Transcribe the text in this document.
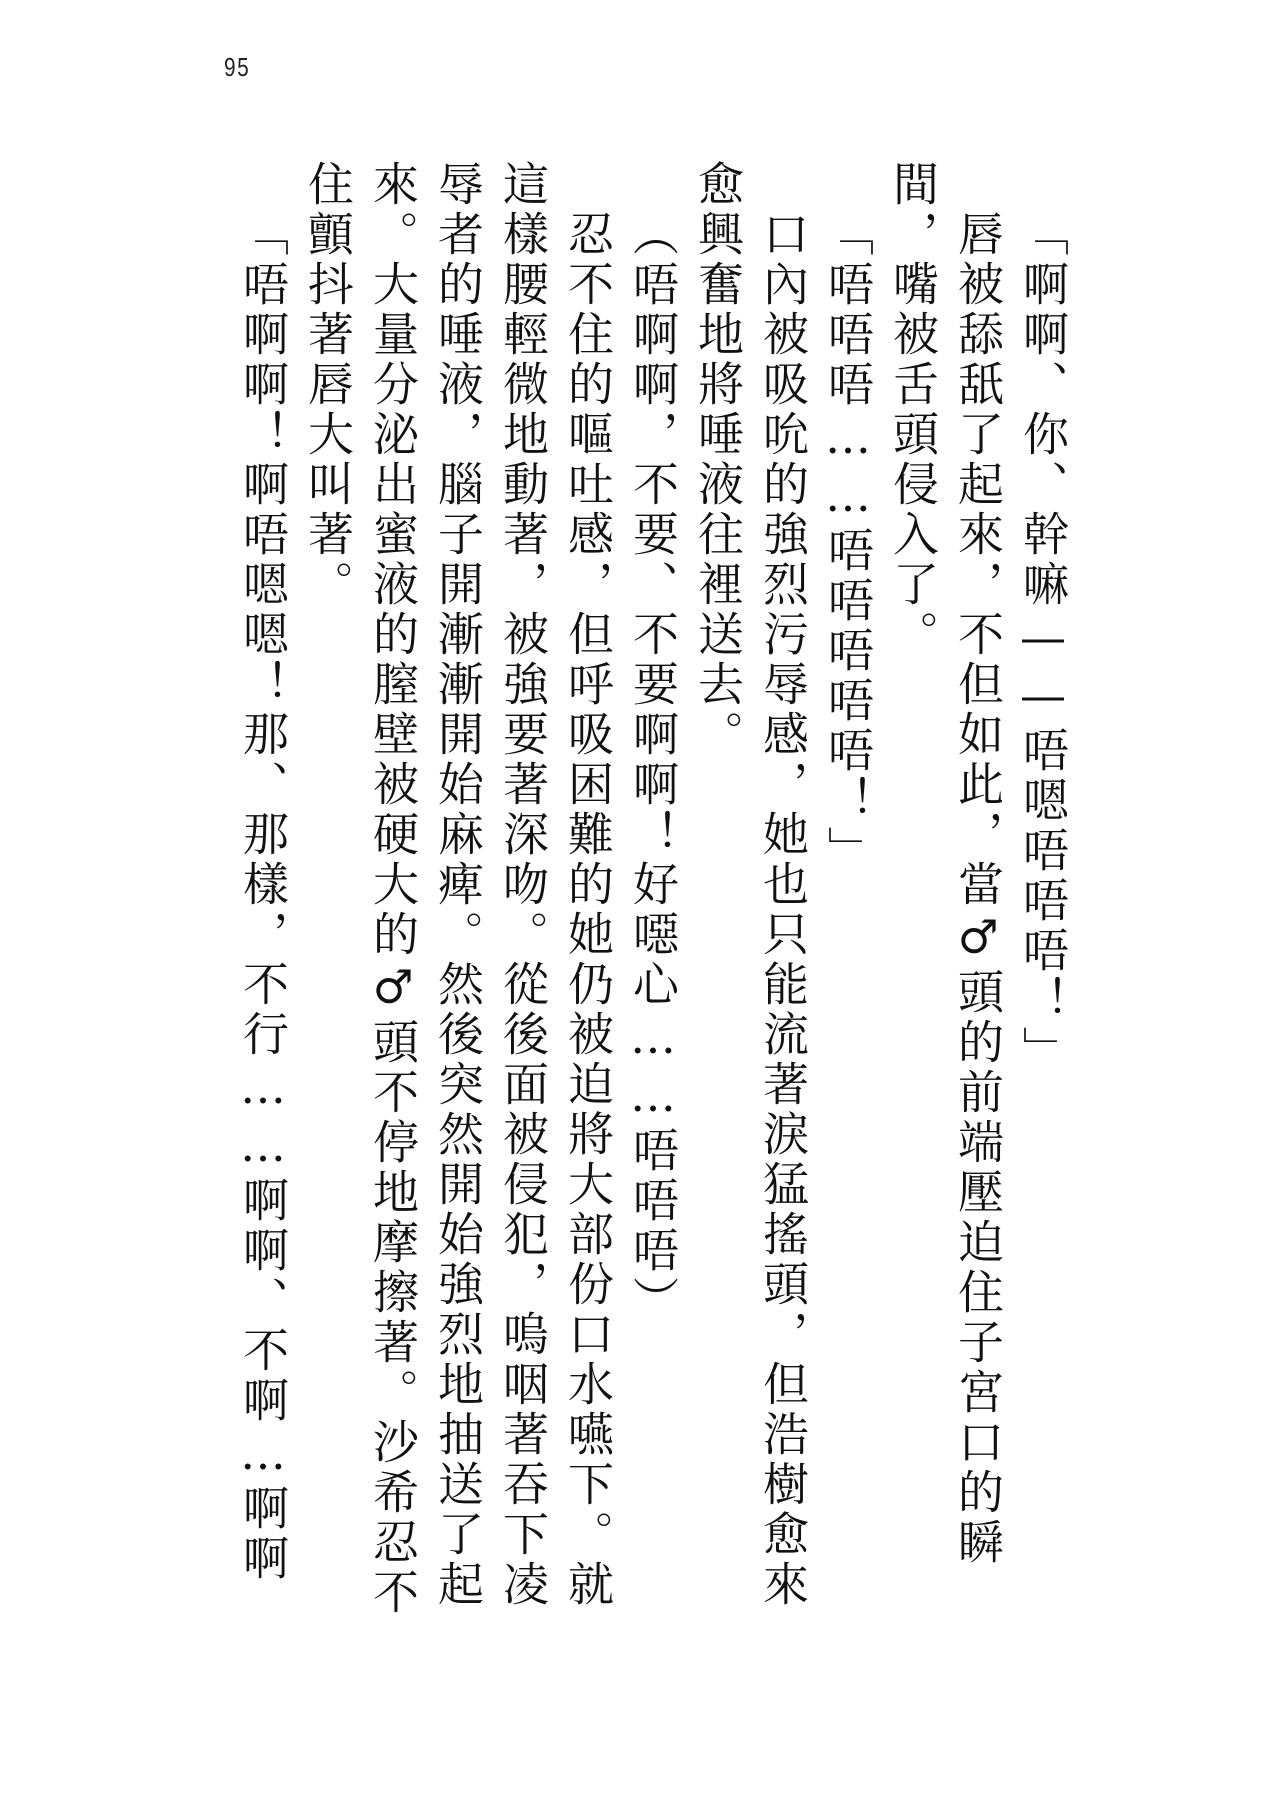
95
「啊啊、你、幹嘛——唔嗯唔唔唔！」
唇被舔舐了起來，不但如此，當♂頭的前端壓迫住子宮口的瞬
間，嘴被舌頭侵入了。
「唔唔唔……唔唔唔唔唔！」
口內被吸吮的強烈污辱感，她也只能流著淚猛搖頭，但浩樹愈來
愈興奮地將唾液往裡送去。
（唔啊啊，不要、不要啊啊！好噁心……唔唔唔）
忍不住的嘔吐感，但呼吸困難的她仍被迫將大部份口水嚥下。就
這樣腰輕微地動著，被強要著深吻。從後面被侵犯，嗚咽著吞下凌
辱者的唾液，腦子開漸漸開始麻痺。然後突然開始強烈地抽送了起
來。大量分泌出蜜液的膣壁被硬大的♂頭不停地摩擦著。沙希忍不
住顫抖著唇大叫著。
「唔啊啊！啊唔嗯嗯！那、那樣，不行……啊啊、不啊…啊啊
